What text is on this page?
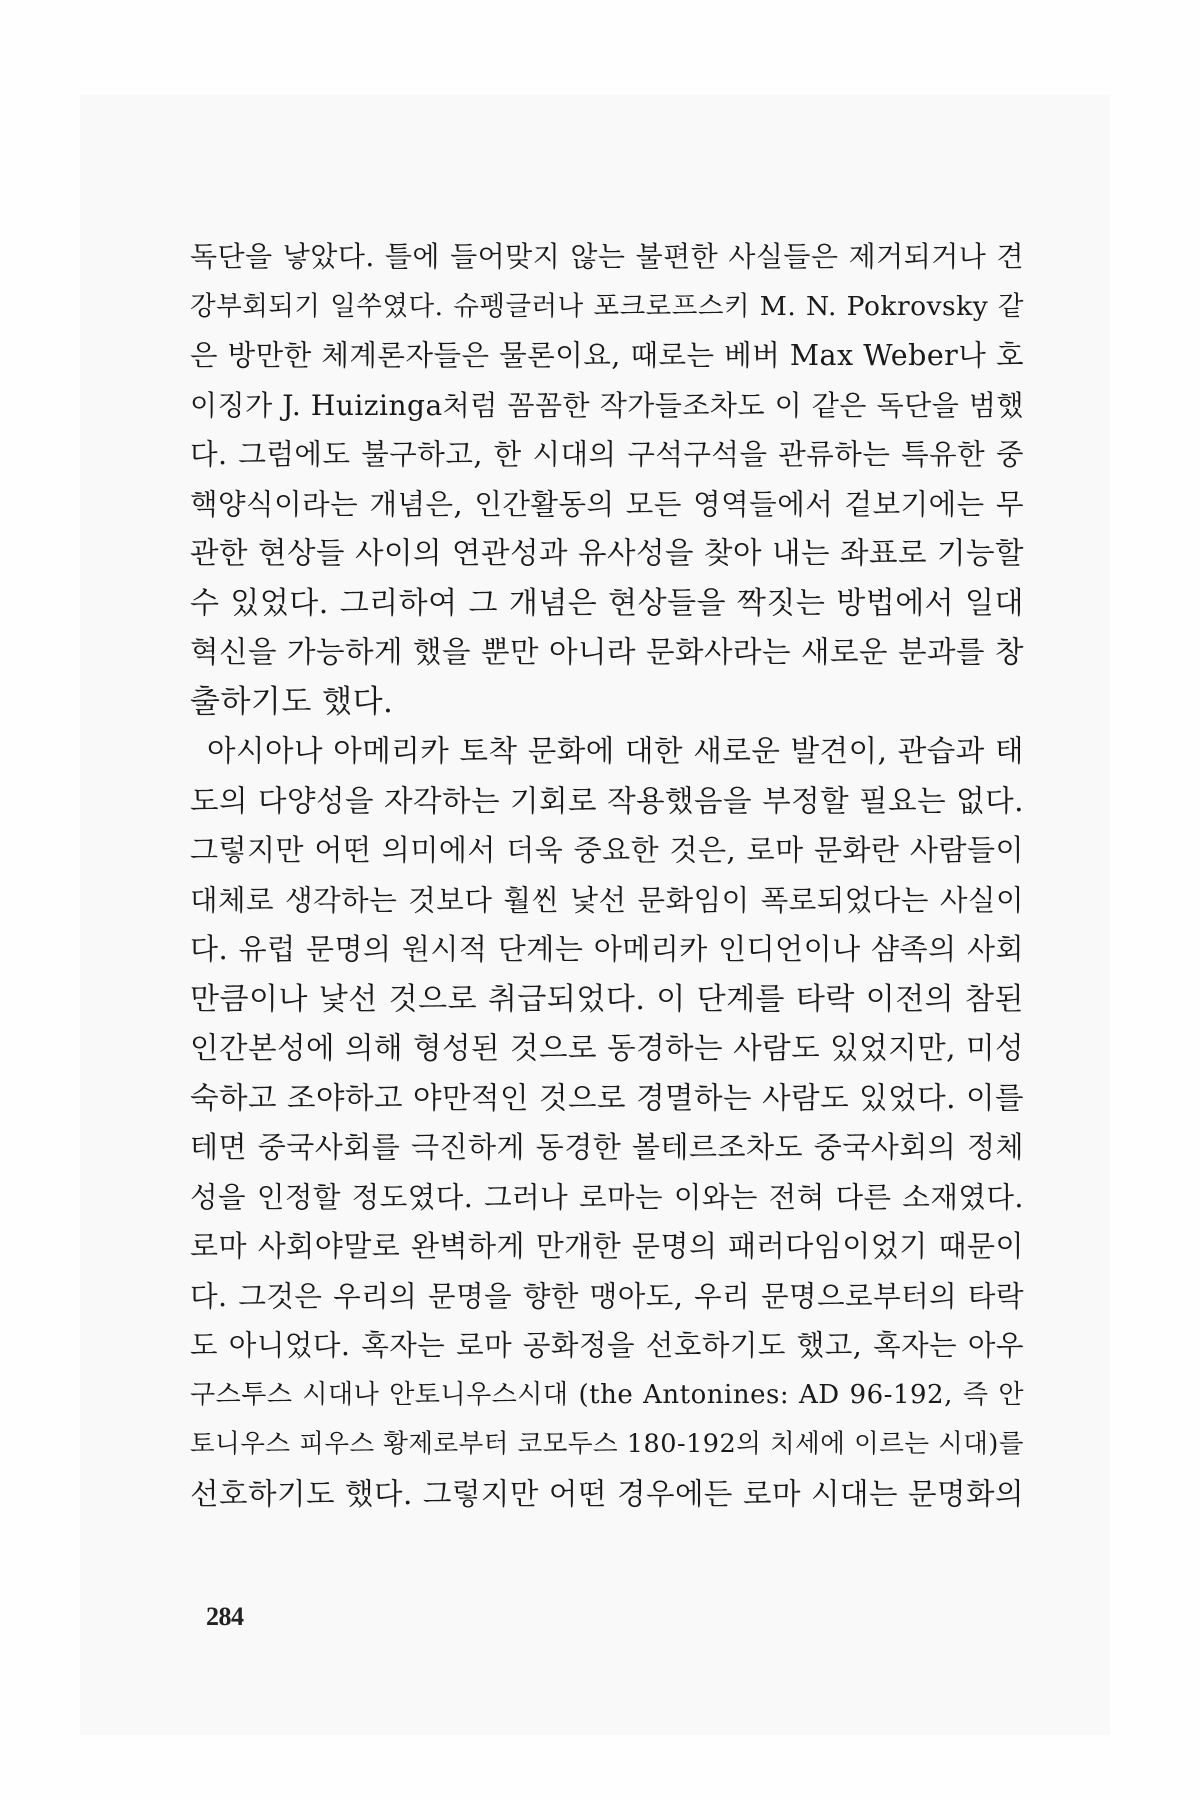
독단을 낳았다. 틀에 들어맞지 않는 불편한 사실들은 제거되거나 견
강부회되기 일쑤였다. 슈펭글러나 포크로프스키 M. N. Pokrovsky 같
은 방만한 체계론자들은 물론이요, 때로는 베버 Max Weber나 호
이징가 J. Huizinga처럼 꼼꼼한 작가들조차도 이 같은 독단을 범했
다. 그럼에도 불구하고, 한 시대의 구석구석을 관류하는 특유한 중
핵양식이라는 개념은, 인간활동의 모든 영역들에서 겉보기에는 무
관한 현상들 사이의 연관성과 유사성을 찾아 내는 좌표로 기능할
수 있었다. 그리하여 그 개념은 현상들을 짝짓는 방법에서 일대
혁신을 가능하게 했을 뿐만 아니라 문화사라는 새로운 분과를 창
출하기도 했다.
아시아나 아메리카 토착 문화에 대한 새로운 발견이, 관습과 태
도의 다양성을 자각하는 기회로 작용했음을 부정할 필요는 없다.
그렇지만 어떤 의미에서 더욱 중요한 것은, 로마 문화란 사람들이
대체로 생각하는 것보다 훨씬 낯선 문화임이 폭로되었다는 사실이
다. 유럽 문명의 원시적 단계는 아메리카 인디언이나 샴족의 사회
만큼이나 낯선 것으로 취급되었다. 이 단계를 타락 이전의 참된
인간본성에 의해 형성된 것으로 동경하는 사람도 있었지만, 미성
숙하고 조야하고 야만적인 것으로 경멸하는 사람도 있었다. 이를
테면 중국사회를 극진하게 동경한 볼테르조차도 중국사회의 정체
성을 인정할 정도였다. 그러나 로마는 이와는 전혀 다른 소재였다.
로마 사회야말로 완벽하게 만개한 문명의 패러다임이었기 때문이
다. 그것은 우리의 문명을 향한 맹아도, 우리 문명으로부터의 타락
도 아니었다. 혹자는 로마 공화정을 선호하기도 했고, 혹자는 아우
구스투스 시대나 안토니우스시대 (the Antonines: AD 96-192, 즉 안
토니우스 피우스 황제로부터 코모두스 180-192의 치세에 이르는 시대)를
선호하기도 했다. 그렇지만 어떤 경우에든 로마 시대는 문명화의
284
